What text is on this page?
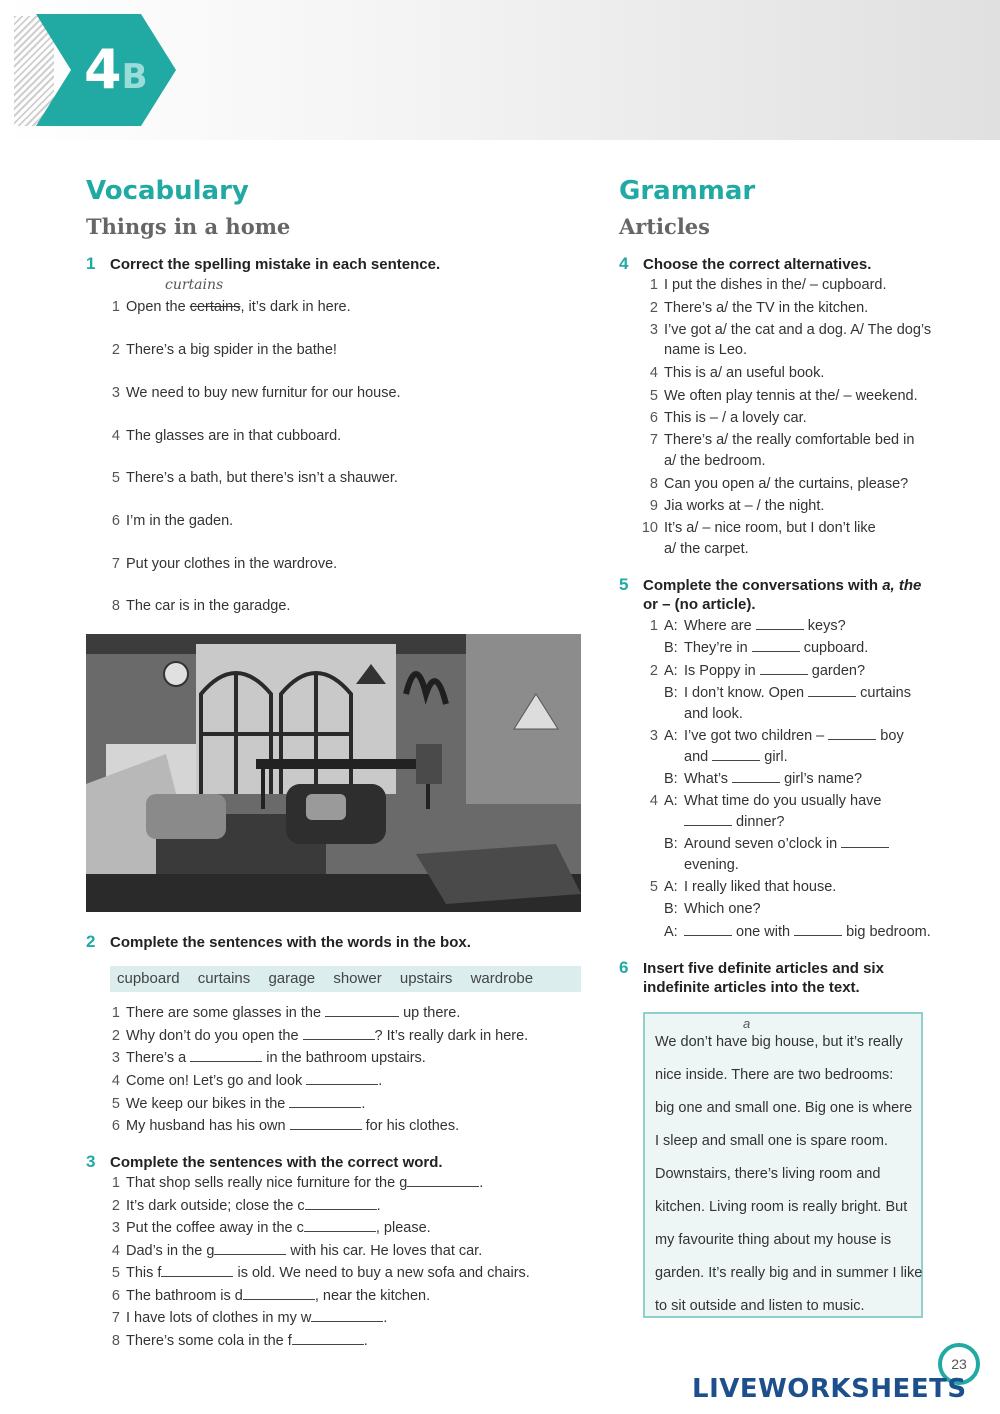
4B
Vocabulary
Things in a home
1 Correct the spelling mistake in each sentence.
curtains
1 Open the certains, it’s dark in here.
2 There’s a big spider in the bathe!
3 We need to buy new furnitur for our house.
4 The glasses are in that cubboard.
5 There’s a bath, but there’s isn’t a shauwer.
6 I’m in the gaden.
7 Put your clothes in the wardrove.
8 The car is in the garadge.
2 Complete the sentences with the words in the box.
cupboard curtains garage shower upstairs wardrobe
1 There are some glasses in the	up there.
2 Why don’t do you open the	? It’s really dark in here.
3 There’s a	in the bathroom upstairs.
4 Come on! Let’s go and look	.
5 We keep our bikes in the	.
6 My husband has his own	for his clothes.
3 Complete the sentences with the correct word.
1 That shop sells really nice furniture for the g	.
2 It’s dark outside; close the c	.
3 Put the coffee away in the c	, please.
4 Dad’s in the g	with his car. He loves that car.
5 This f	is old. We need to buy a new sofa and chairs.
6 The bathroom is d	, near the kitchen.
7 I have lots of clothes in my w	.
8 There’s some cola in the f	.
Grammar
Articles
4 Choose the correct alternatives.
1 I put the dishes in the/ – cupboard.
2 There’s a/ the TV in the kitchen.
3 I’ve got a/ the cat and a dog. A/ The dog’s
name is Leo.
4 This is a/ an useful book.
5 We often play tennis at the/ – weekend.
6 This is – / a lovely car.
7 There’s a/ the really comfortable bed in
a/ the bedroom.
8 Can you open a/ the curtains, please?
9 Jia works at – / the night.
10 It’s a/ – nice room, but I don’t like
a/ the carpet.
5 Complete the conversations with a, the
or – (no article).
1 A: Where are	keys?
B: They’re in	cupboard.
2 A: Is Poppy in	garden?
B: I don’t know. Open	curtains
and look.
3 A: I’ve got two children –	boy
and	girl.
B: What’s	girl’s name?
4 A: What time do you usually have
dinner?
B: Around seven o’clock in
evening.
5 A: I really liked that house.
B: Which one?
A:	one with	big bedroom.
6 Insert five definite articles and six
indefinite articles into the text.
a
We don’t have big house, but it’s really
nice inside. There are two bedrooms:
big one and small one. Big one is where
I sleep and small one is spare room.
Downstairs, there’s living room and
kitchen. Living room is really bright. But
my favourite thing about my house is
garden. It’s really big and in summer I like
to sit outside and listen to music.
23
LIVEWORKSHEETS
